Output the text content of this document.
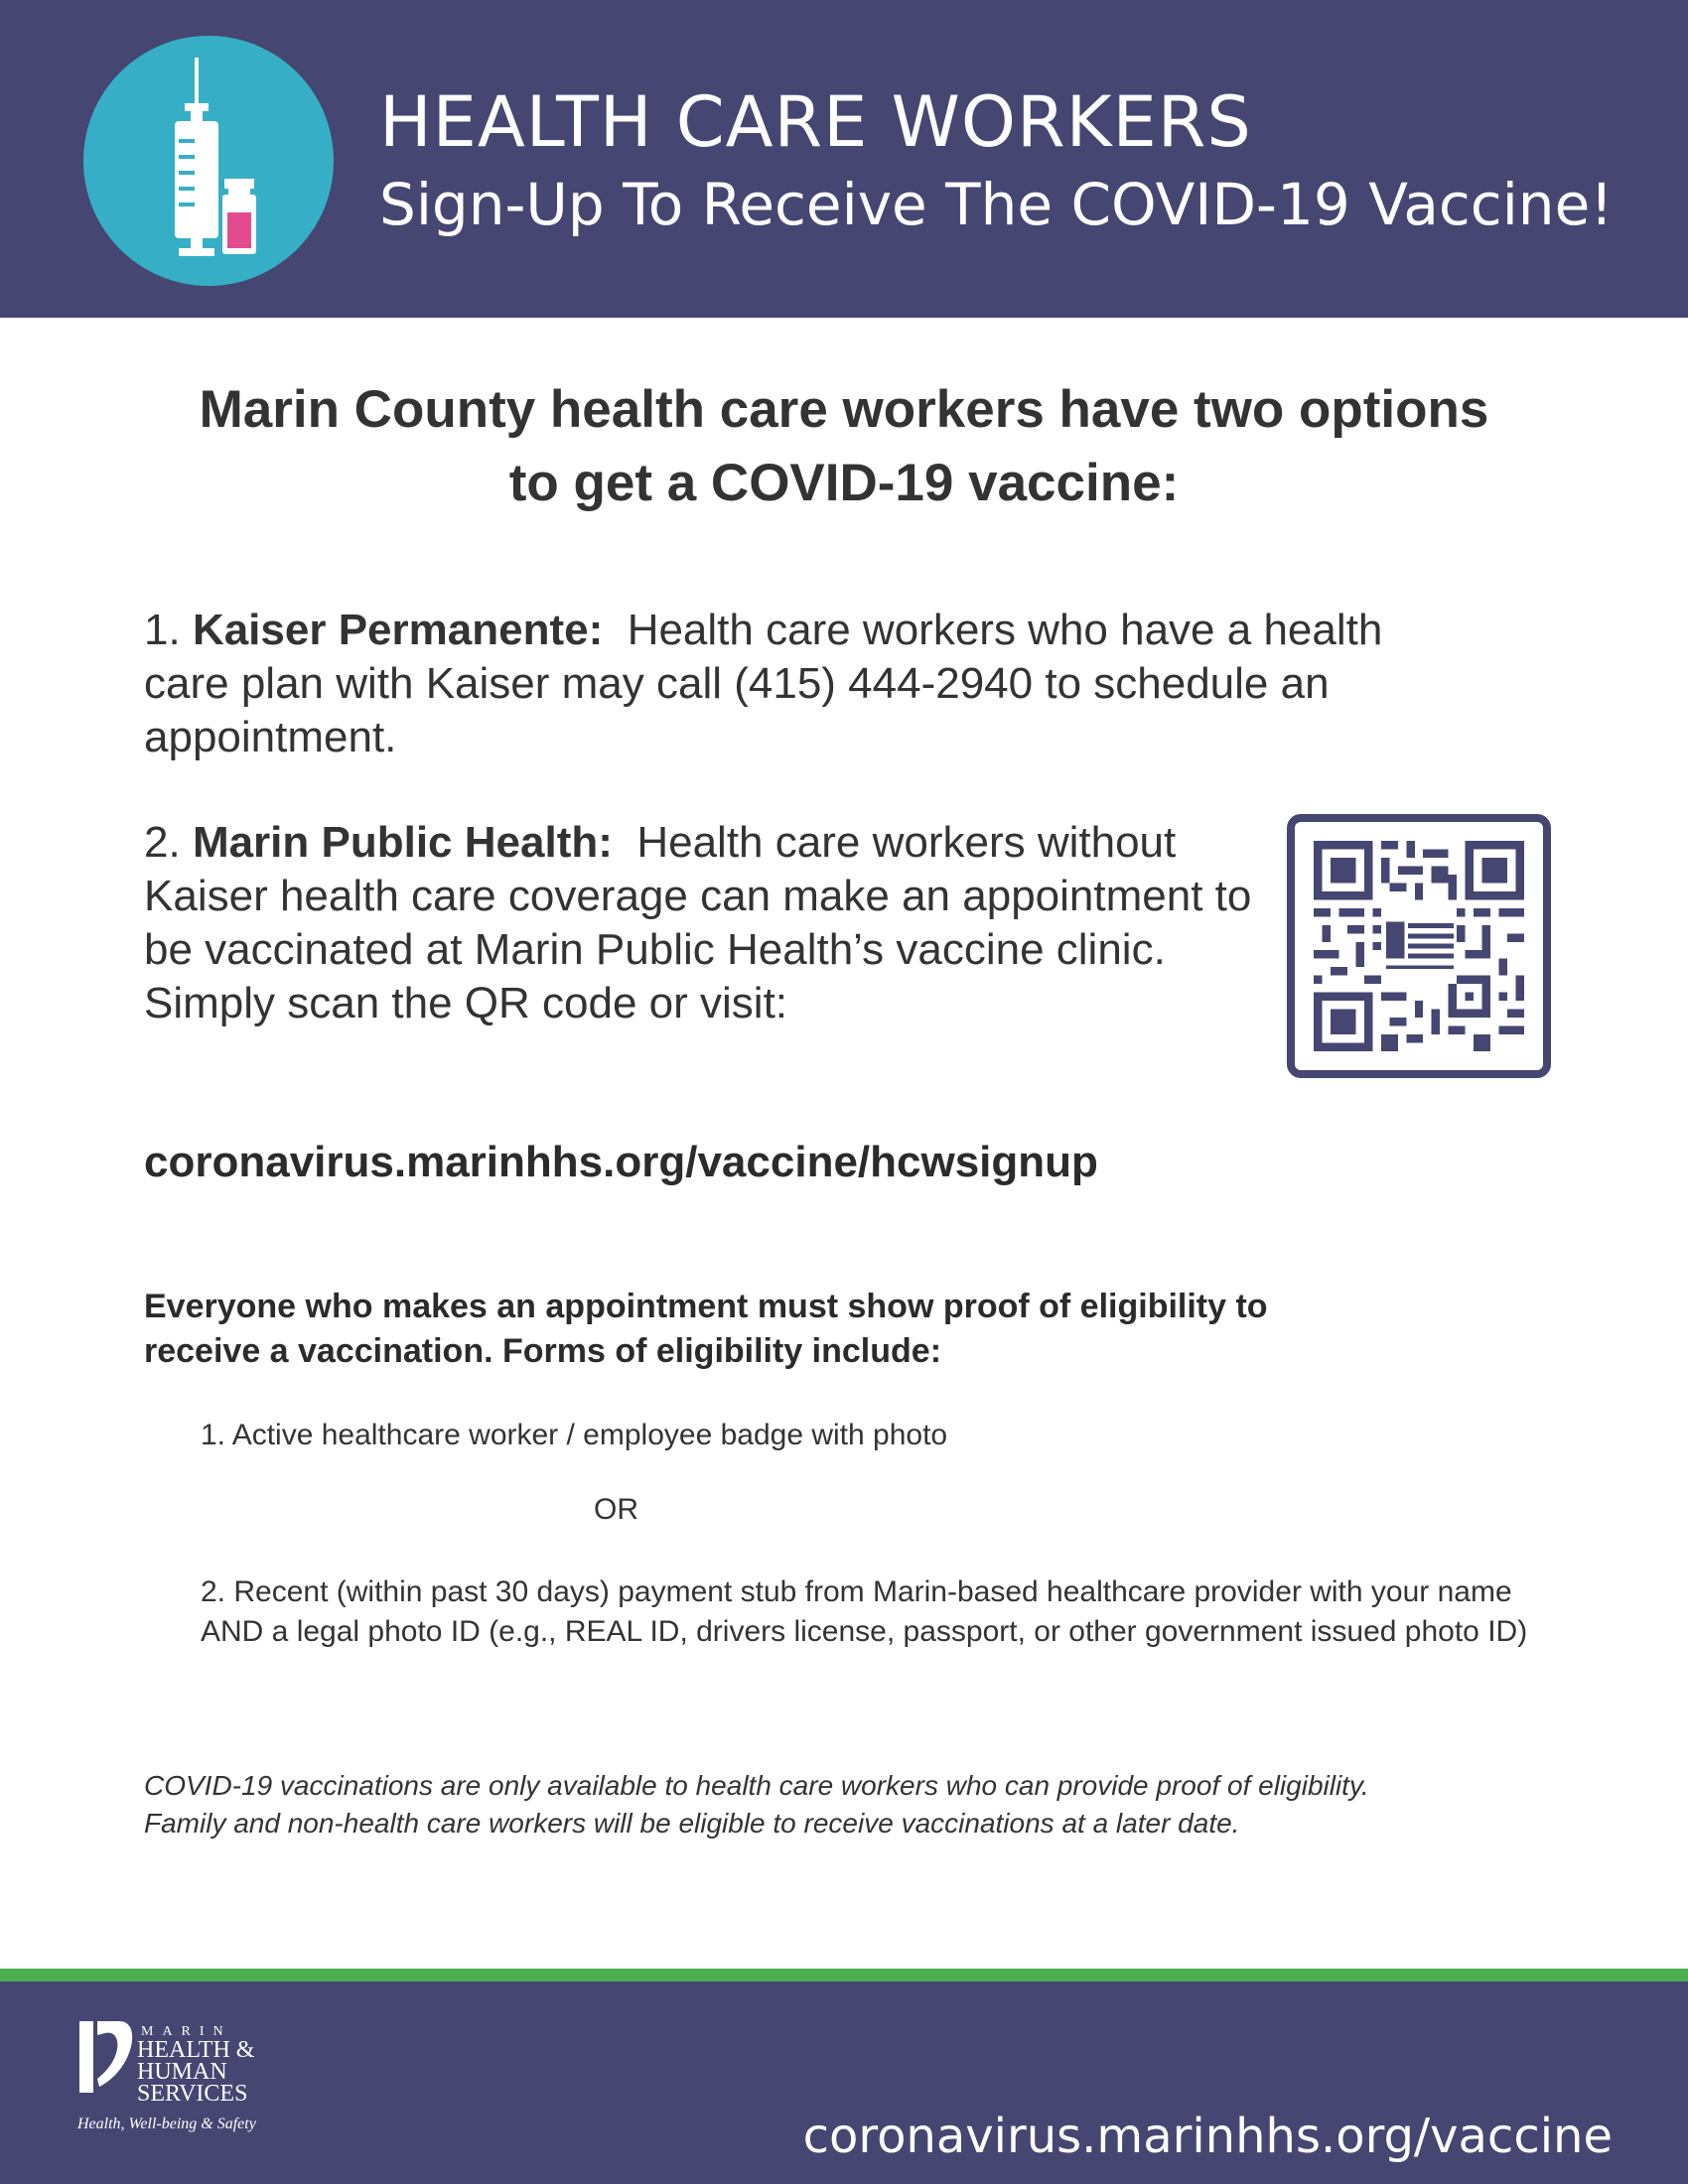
HEALTH CARE WORKERS
Sign-Up To Receive The COVID-19 Vaccine!
Marin County health care workers have two options
to get a COVID-19 vaccine:
1. Kaiser Permanente: Health care workers who have a health care plan with Kaiser may call (415) 444-2940 to schedule an appointment.
2. Marin Public Health: Health care workers without Kaiser health care coverage can make an appointment to be vaccinated at Marin Public Health’s vaccine clinic. Simply scan the QR code or visit:
coronavirus.marinhhs.org/vaccine/hcwsignup
Everyone who makes an appointment must show proof of eligibility to
receive a vaccination. Forms of eligibility include:
1. Active healthcare worker / employee badge with photo
OR
2. Recent (within past 30 days) payment stub from Marin-based healthcare provider with your name AND a legal photo ID (e.g., REAL ID, drivers license, passport, or other government issued photo ID)
COVID-19 vaccinations are only available to health care workers who can provide proof of eligibility.
Family and non-health care workers will be eligible to receive vaccinations at a later date.
MARIN
HEALTH &
HUMAN
SERVICES
Health, Well-being & Safety	coronavirus.marinhhs.org/vaccine
